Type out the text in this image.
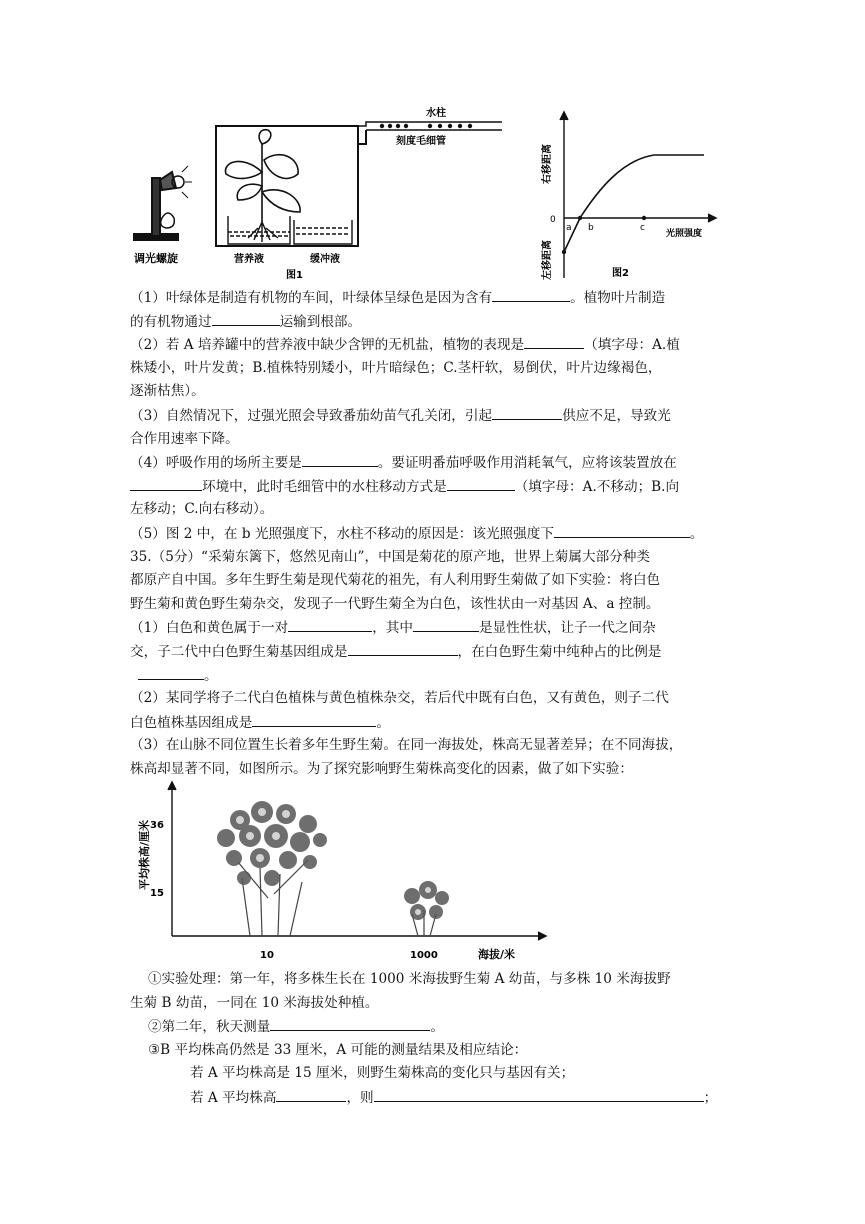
调光螺旋
水柱
刻度毛细管
营养液	缓冲液
图1
右移距离
左移距离
0
a b	c
光照强度
图2
（1）叶绿体是制造有机物的车间，叶绿体呈绿色是因为含有	。植物叶片制造
的有机物通过	运输到根部。
（2）若 A 培养罐中的营养液中缺少含钾的无机盐，植物的表现是	（填字母：A.植
株矮小，叶片发黄；B.植株特别矮小，叶片暗绿色；C.茎杆软，易倒伏，叶片边缘褐色，
逐渐枯焦）。
（3）自然情况下，过强光照会导致番茄幼苗气孔关闭，引起	供应不足，导致光
合作用速率下降。
（4）呼吸作用的场所主要是	。要证明番茄呼吸作用消耗氧气，应将该装置放在
环境中，此时毛细管中的水柱移动方式是	（填字母：A.不移动；B.向
左移动；C.向右移动）。
（5）图 2 中，在 b 光照强度下，水柱不移动的原因是：该光照强度下	。
35.（5分）“采菊东篱下，悠然见南山”，中国是菊花的原产地，世界上菊属大部分种类
都原产自中国。多年生野生菊是现代菊花的祖先，有人利用野生菊做了如下实验：将白色
野生菊和黄色野生菊杂交，发现子一代野生菊全为白色，该性状由一对基因 A、a 控制。
（1）白色和黄色属于一对	，其中	是显性性状，让子一代之间杂
交，子二代中白色野生菊基因组成是	，在白色野生菊中纯种占的比例是
。
（2）某同学将子二代白色植株与黄色植株杂交，若后代中既有白色，又有黄色，则子二代
白色植株基因组成是	。
（3）在山脉不同位置生长着多年生野生菊。在同一海拔处，株高无显著差异；在不同海拔，
株高却显著不同，如图所示。为了探究影响野生菊株高变化的因素，做了如下实验：
平均株高/厘米 36
15
10	1000	海拔/米
①实验处理：第一年，将多株生长在 1000 米海拔野生菊 A 幼苗，与多株 10 米海拔野
生菊 B 幼苗，一同在 10 米海拔处种植。
②第二年，秋天测量	。
③B 平均株高仍然是 33 厘米，A 可能的测量结果及相应结论：
若 A 平均株高是 15 厘米，则野生菊株高的变化只与基因有关；
若 A 平均株高	，则	；
